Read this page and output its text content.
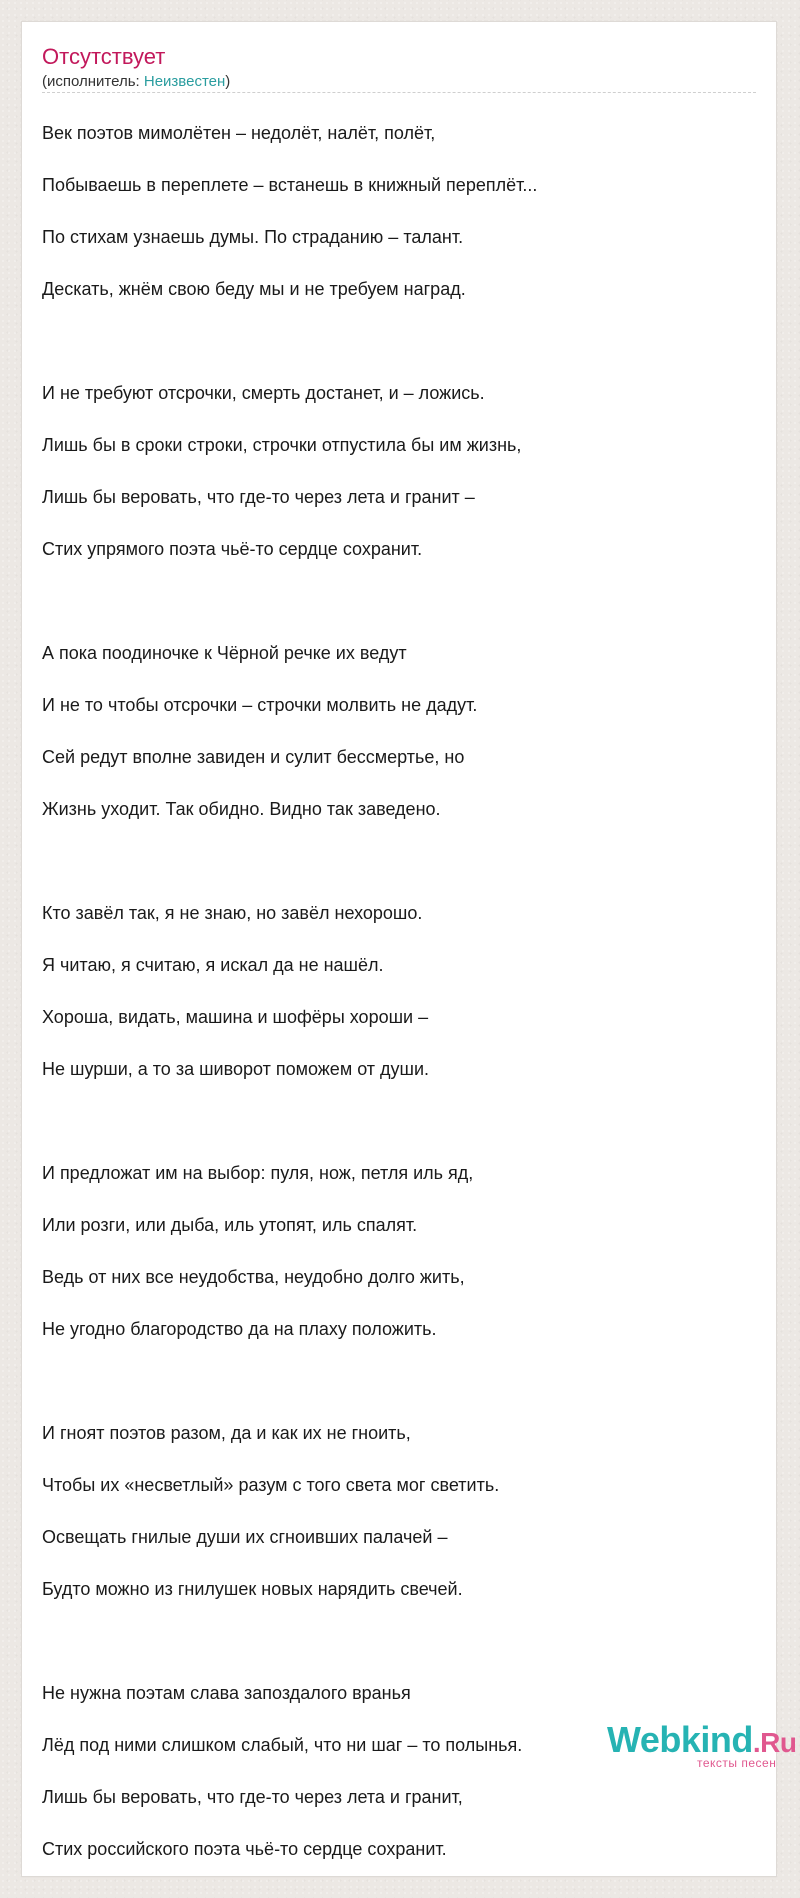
Отсутствует
(исполнитель: Неизвестен)
Век поэтов мимолётен – недолёт, налёт, полёт,
Побываешь в переплете – встанешь в книжный переплёт...
По стихам узнаешь думы. По страданию – талант.
Дескать, жнём свою беду мы и не требуем наград.
И не требуют отсрочки, смерть достанет, и – ложись.
Лишь бы в сроки строки, строчки отпустила бы им жизнь,
Лишь бы веровать, что где-то через лета и гранит –
Стих упрямого поэта чьё-то сердце сохранит.
А пока поодиночке к Чёрной речке их ведут
И не то чтобы отсрочки – строчки молвить не дадут.
Сей редут вполне завиден и сулит бессмертье, но
Жизнь уходит. Так обидно. Видно так заведено.
Кто завёл так, я не знаю, но завёл нехорошо.
Я читаю, я считаю, я искал да не нашёл.
Хороша, видать, машина и шофёры хороши –
Не шурши, а то за шиворот поможем от души.
И предложат им на выбор: пуля, нож, петля иль яд,
Или розги, или дыба, иль утопят, иль спалят.
Ведь от них все неудобства, неудобно долго жить,
Не угодно благородство да на плаху положить.
И гноят поэтов разом, да и как их не гноить,
Чтобы их «несветлый» разум с того света мог светить.
Освещать гнилые души их сгноивших палачей –
Будто можно из гнилушек новых нарядить свечей.
Не нужна поэтам слава запоздалого вранья
Лёд под ними слишком слабый, что ни шаг – то полынья.
Лишь бы веровать, что где-то через лета и гранит,
Стих российского поэта чьё-то сердце сохранит.
Webkind.Ru
тексты песен
